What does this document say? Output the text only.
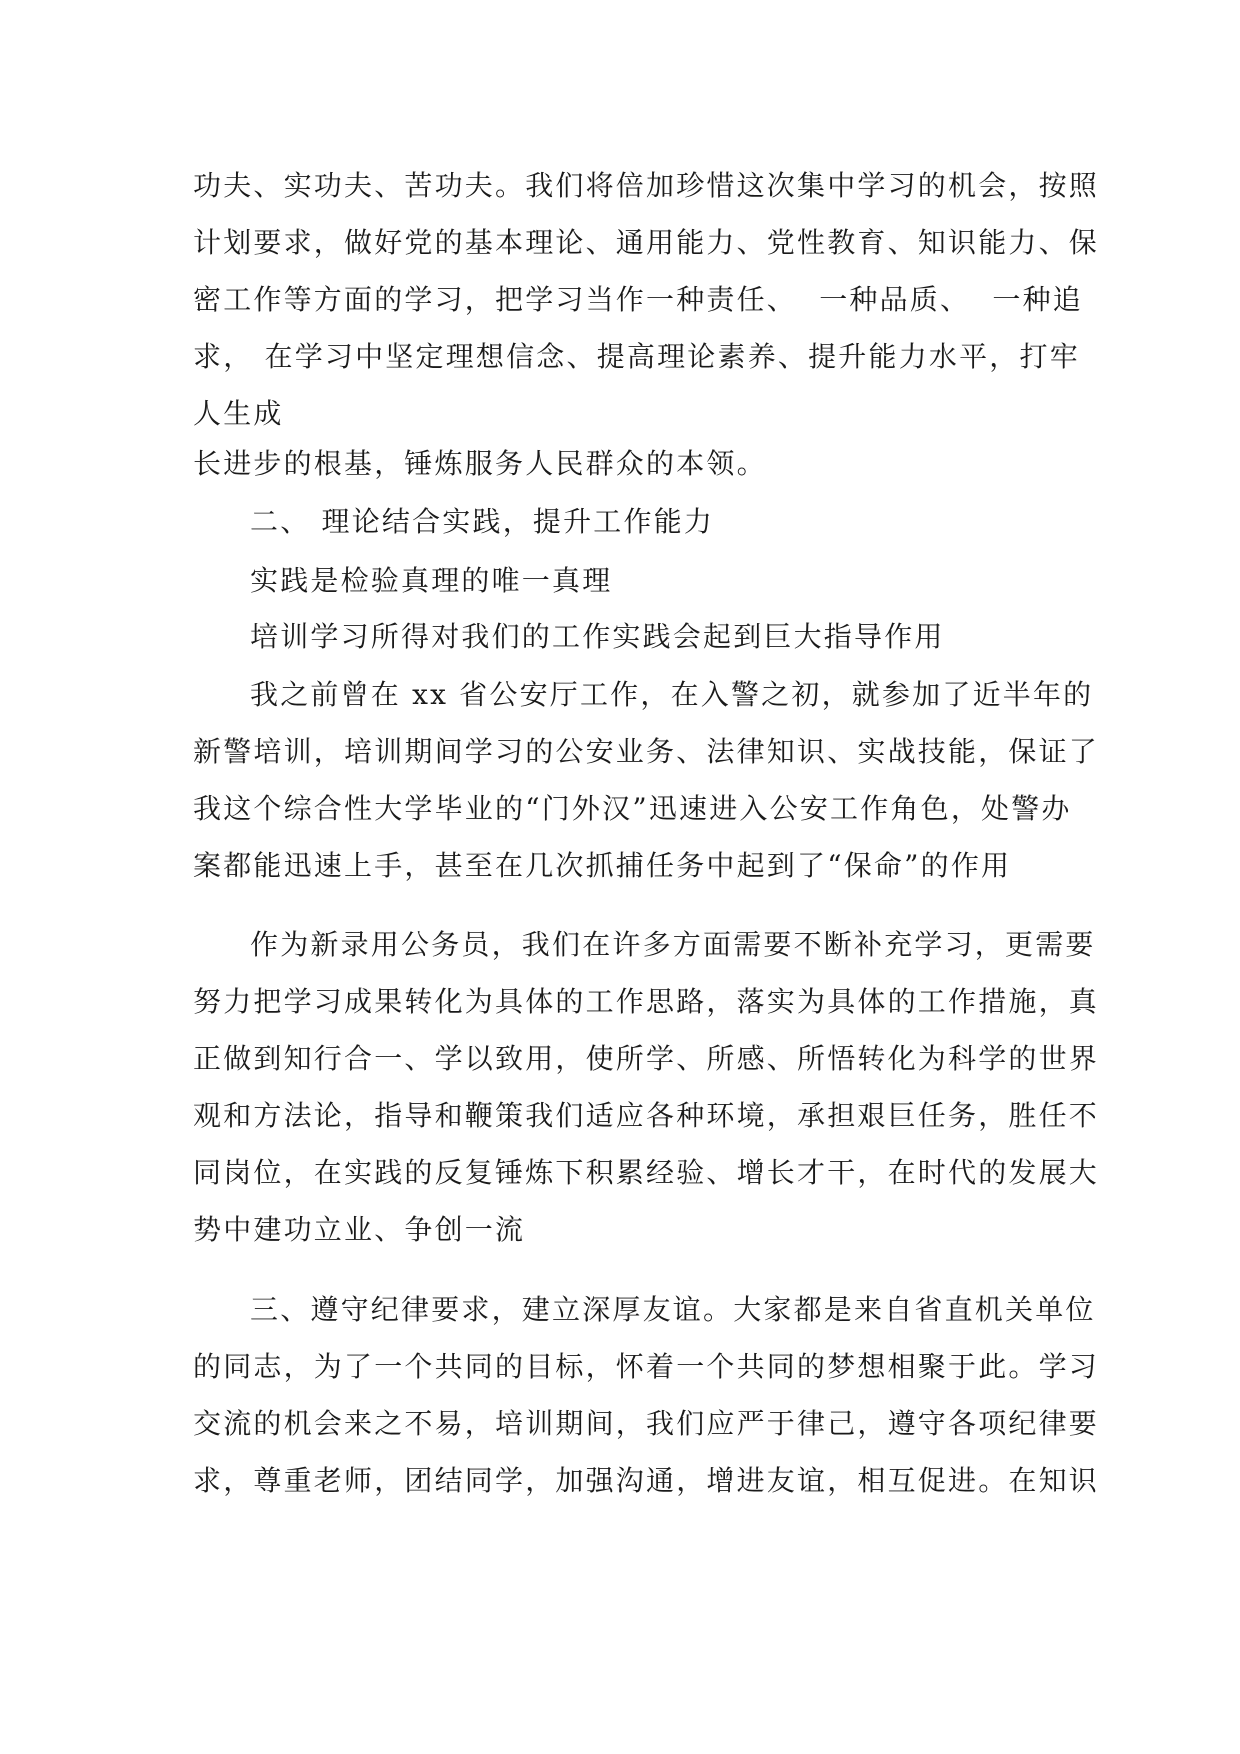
功夫、实功夫、苦功夫。我们将倍加珍惜这次集中学习的机会，按照
计划要求，做好党的基本理论、通用能力、党性教育、知识能力、保
密工作等方面的学习，把学习当作一种责任、  一种品质、  一种追
求， 在学习中坚定理想信念、提高理论素养、提升能力水平，打牢
人生成
长进步的根基，锤炼服务人民群众的本领。
二、 理论结合实践，提升工作能力
实践是检验真理的唯一真理
培训学习所得对我们的工作实践会起到巨大指导作用
我之前曾在 xx 省公安厅工作，在入警之初，就参加了近半年的
新警培训，培训期间学习的公安业务、法律知识、实战技能，保证了
我这个综合性大学毕业的“门外汉”迅速进入公安工作角色，处警办
案都能迅速上手，甚至在几次抓捕任务中起到了“保命”的作用
作为新录用公务员，我们在许多方面需要不断补充学习，更需要
努力把学习成果转化为具体的工作思路，落实为具体的工作措施，真
正做到知行合一、学以致用，使所学、所感、所悟转化为科学的世界
观和方法论，指导和鞭策我们适应各种环境，承担艰巨任务，胜任不
同岗位，在实践的反复锤炼下积累经验、增长才干，在时代的发展大
势中建功立业、争创一流
三、遵守纪律要求，建立深厚友谊。大家都是来自省直机关单位
的同志，为了一个共同的目标，怀着一个共同的梦想相聚于此。学习
交流的机会来之不易，培训期间，我们应严于律己，遵守各项纪律要
求，尊重老师，团结同学，加强沟通，增进友谊，相互促进。在知识
